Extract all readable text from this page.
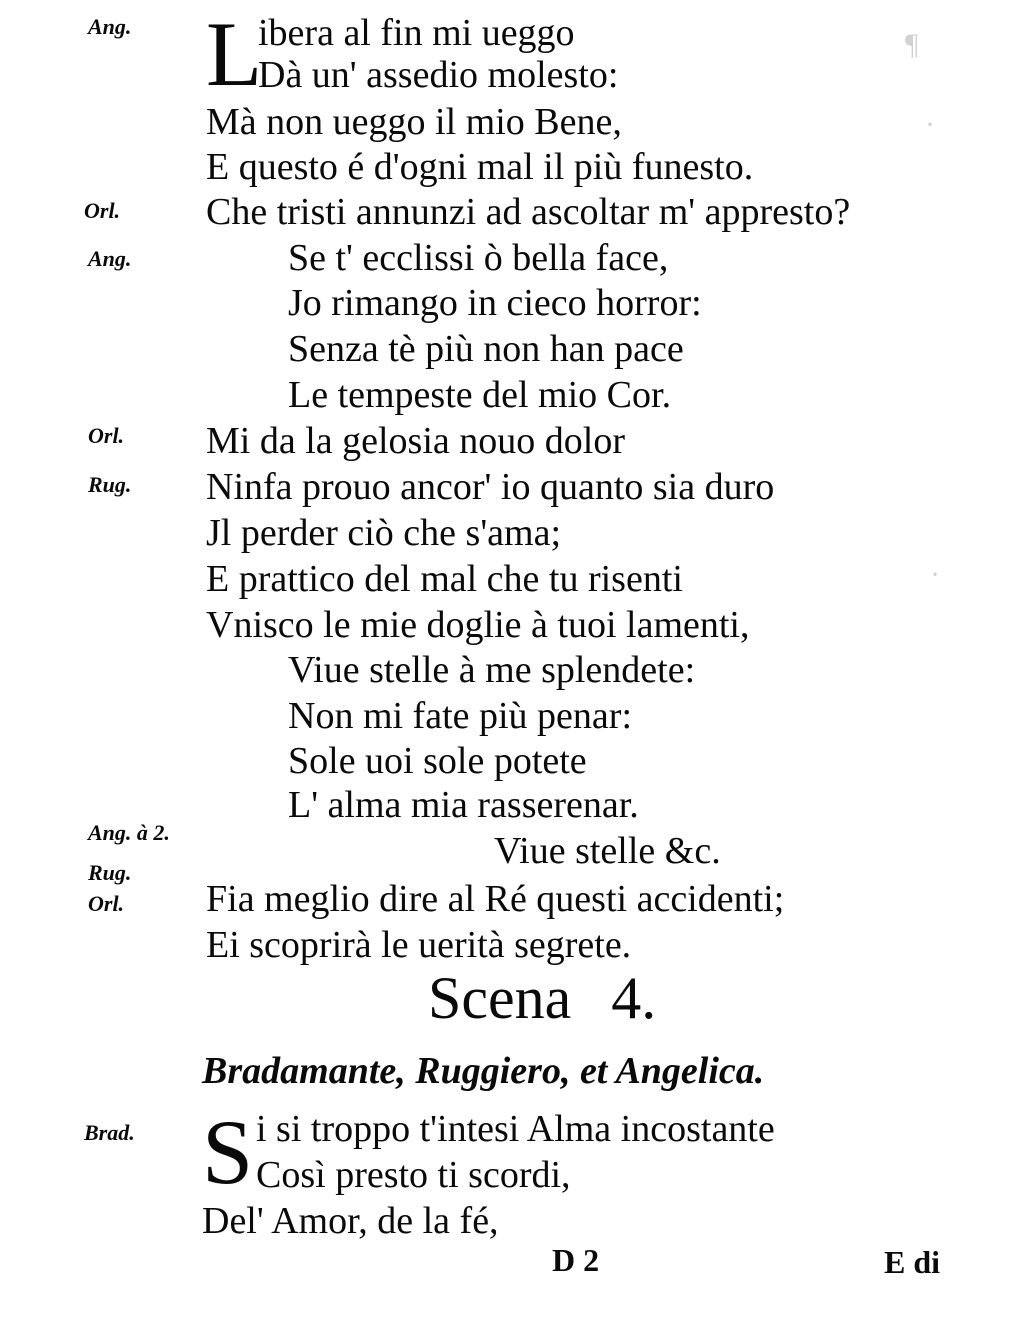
¶
·
·
Ang.
Orl.
Ang.
Orl.
Rug.
Ang. à 2.
Rug.
Orl.
Brad.
L
ibera al fin mi ueggo
Dà un' assedio molesto:
Mà non ueggo il mio Bene,
E questo é d'ogni mal il più funesto.
Che tristi annunzi ad ascoltar m' appresto?
Se t' ecclissi ò bella face,
Jo rimango in cieco horror:
Senza tè più non han pace
Le tempeste del mio Cor.
Mi da la gelosia nouo dolor
Ninfa prouo ancor' io quanto sia duro
Jl perder ciò che s'ama;
E prattico del mal che tu risenti
Vnisco le mie doglie à tuoi lamenti,
Viue stelle à me splendete:
Non mi fate più penar:
Sole uoi sole potete
L' alma mia rasserenar.
Viue stelle &c.
Fia meglio dire al Ré questi accidenti;
Ei scoprirà le uerità segrete.
Scena 4.
Bradamante, Ruggiero, et Angelica.
S i si troppo t'intesi Alma incostante
Così presto ti scordi,
Del' Amor, de la fé,
D 2	E di
